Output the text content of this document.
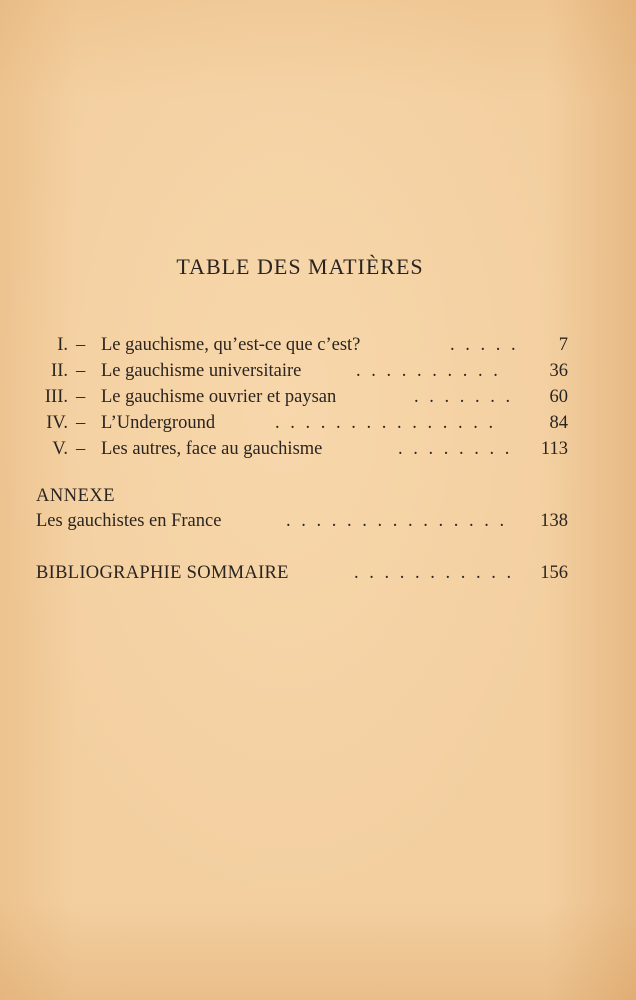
TABLE DES MATIÈRES
I. – Le gauchisme, qu’est-ce que c’est?	. . . . . 7
II. – Le gauchisme universitaire	. . . . . . . . . .	36
III. – Le gauchisme ouvrier et paysan	. . . . . . . 60
IV. – L’Underground	. . . . . . . . . . . . . . .	84
V. – Les autres, face au gauchisme	. . . . . . . . 113
ANNEXE
Les gauchistes en France	. . . . . . . . . . . . . . . 138
BIBLIOGRAPHIE SOMMAIRE	. . . . . . . . . . . 156
